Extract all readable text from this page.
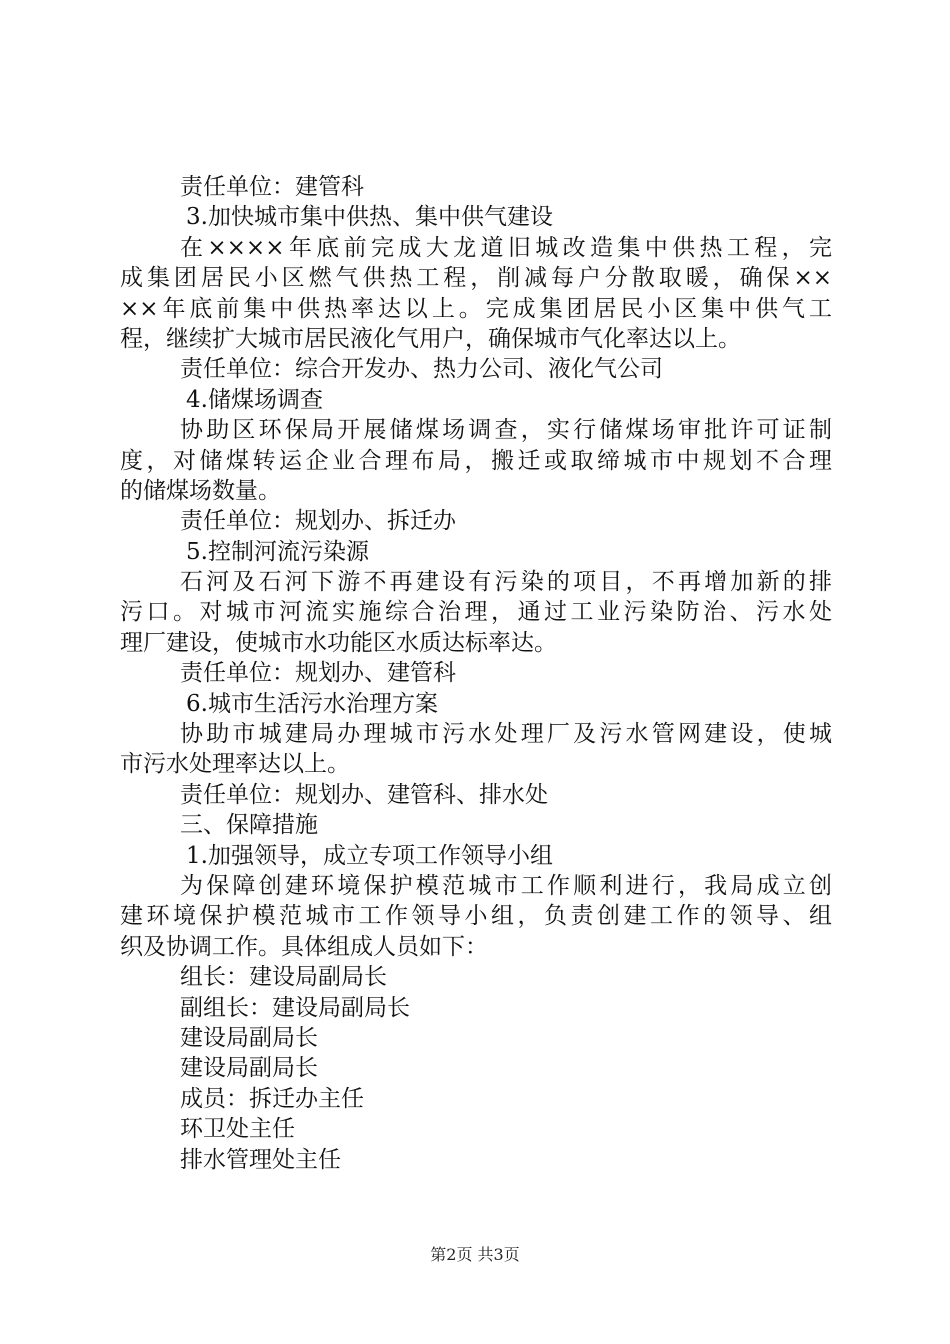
责任单位：建管科
3.加快城市集中供热、集中供气建设
在××××年底前完成大龙道旧城改造集中供热工程，完
成集团居民小区燃气供热工程，削减每户分散取暖，确保××
××年底前集中供热率达以上。完成集团居民小区集中供气工
程，继续扩大城市居民液化气用户，确保城市气化率达以上。
责任单位：综合开发办、热力公司、液化气公司
4.储煤场调查
协助区环保局开展储煤场调查，实行储煤场审批许可证制
度，对储煤转运企业合理布局，搬迁或取缔城市中规划不合理
的储煤场数量。
责任单位：规划办、拆迁办
5.控制河流污染源
石河及石河下游不再建设有污染的项目，不再增加新的排
污口。对城市河流实施综合治理，通过工业污染防治、污水处
理厂建设，使城市水功能区水质达标率达。
责任单位：规划办、建管科
6.城市生活污水治理方案
协助市城建局办理城市污水处理厂及污水管网建设，使城
市污水处理率达以上。
责任单位：规划办、建管科、排水处
三、保障措施
1.加强领导，成立专项工作领导小组
为保障创建环境保护模范城市工作顺利进行，我局成立创
建环境保护模范城市工作领导小组，负责创建工作的领导、组
织及协调工作。具体组成人员如下：
组长：建设局副局长
副组长：建设局副局长
建设局副局长
建设局副局长
成员：拆迁办主任
环卫处主任
排水管理处主任
第2页 共3页
